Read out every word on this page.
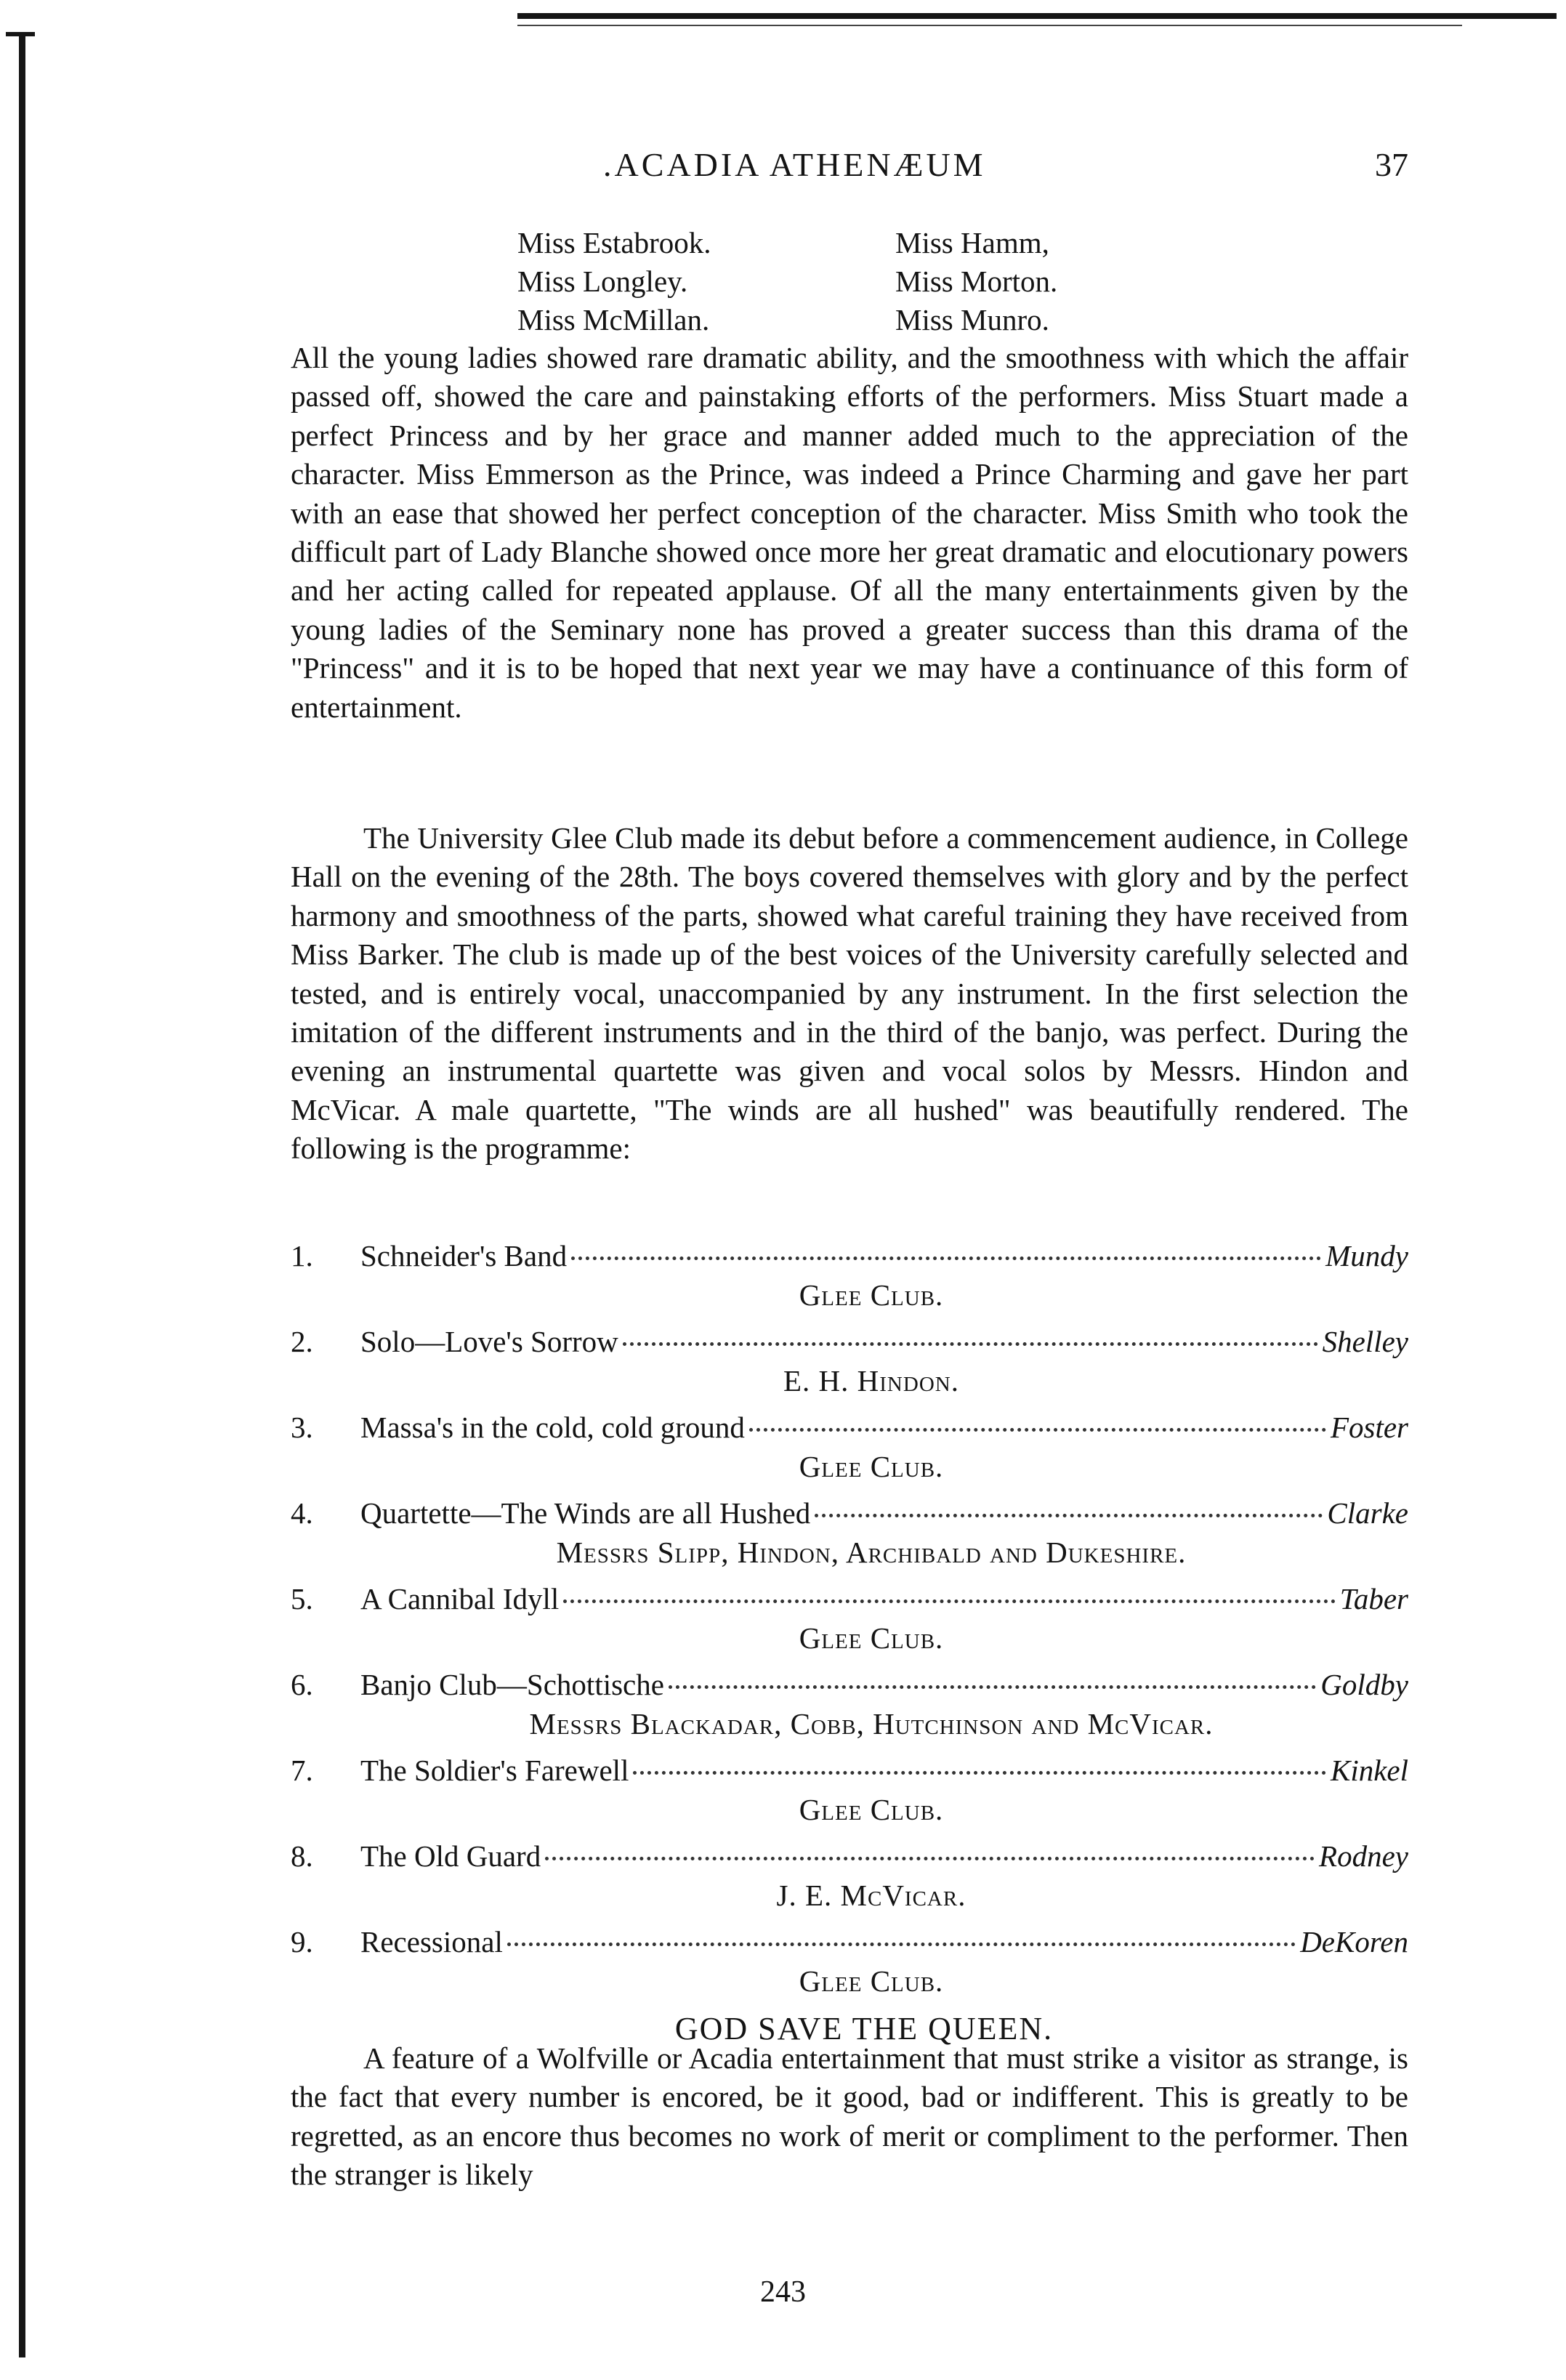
.ACADIA ATHENÆUM	37
Miss Estabrook.	Miss Hamm,
Miss Longley.	Miss Morton.
Miss McMillan.	Miss Munro.

All the young ladies showed rare dramatic ability, and the smoothness with which the affair passed off, showed the care and painstaking efforts of the performers. Miss Stuart made a perfect Princess and by her grace and manner added much to the appreciation of the character. Miss Emmerson as the Prince, was indeed a Prince Charming and gave her part with an ease that showed her perfect conception of the character. Miss Smith who took the difficult part of Lady Blanche showed once more her great dramatic and elocutionary powers and her acting called for repeated applause. Of all the many entertainments given by the young ladies of the Seminary none has proved a greater success than this drama of the "Princess" and it is to be hoped that next year we may have a continuance of this form of entertainment.

The University Glee Club made its debut before a commencement audience, in College Hall on the evening of the 28th. The boys covered themselves with glory and by the perfect harmony and smoothness of the parts, showed what careful training they have received from Miss Barker. The club is made up of the best voices of the University carefully selected and tested, and is entirely vocal, unaccompanied by any instrument. In the first selection the imitation of the different instruments and in the third of the banjo, was perfect. During the evening an instrumental quartette was given and vocal solos by Messrs. Hindon and McVicar. A male quartette, "The winds are all hushed" was beautifully rendered. The following is the programme:

1.	Schneider's Band	Mundy
Glee Club.
2.	Solo—Love's Sorrow	Shelley
E. H. Hindon.
3.	Massa's in the cold, cold ground	Foster
Glee Club.
4.	Quartette—The Winds are all Hushed	Clarke
Messrs Slipp, Hindon, Archibald and Dukeshire.
5.	A Cannibal Idyll	Taber
Glee Club.
6.	Banjo Club—Schottische	Goldby
Messrs Blackadar, Cobb, Hutchinson and McVicar.
7.	The Soldier's Farewell	Kinkel
Glee Club.
8.	The Old Guard	Rodney
J. E. McVicar.
9.	Recessional	DeKoren
Glee Club.
GOD SAVE THE QUEEN.

A feature of a Wolfville or Acadia entertainment that must strike a visitor as strange, is the fact that every number is encored, be it good, bad or indifferent. This is greatly to be regretted, as an encore thus becomes no work of merit or compliment to the performer. Then the stranger is likely

243
